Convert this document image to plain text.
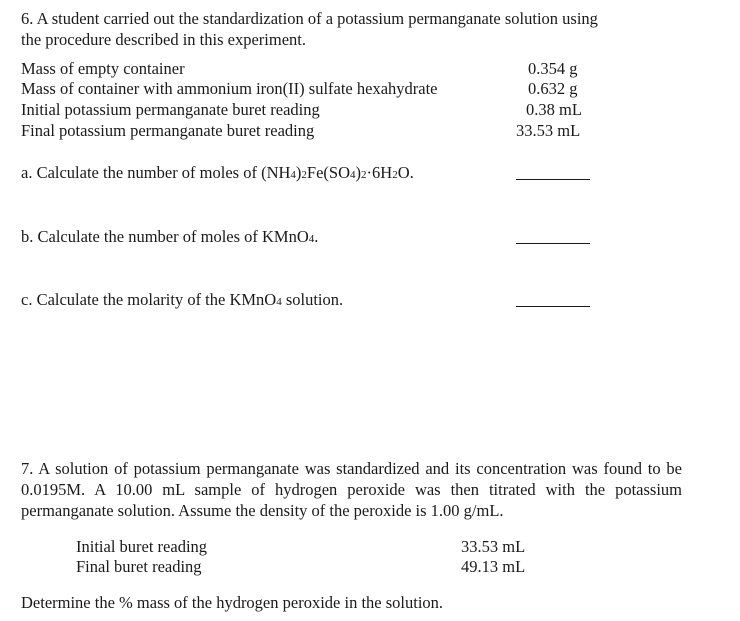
6. A student carried out the standardization of a potassium permanganate solution using
the procedure described in this experiment.
Mass of empty container	0.354 g
Mass of container with ammonium iron(II) sulfate hexahydrate	0.632 g
Initial potassium permanganate buret reading	0.38 mL
Final potassium permanganate buret reading	33.53 mL
a. Calculate the number of moles of (NH4)2Fe(SO4)2·6H2O.
b. Calculate the number of moles of KMnO4.
c. Calculate the molarity of the KMnO4 solution.
7. A solution of potassium permanganate was standardized and its concentration was found to be 0.0195M. A 10.00 mL sample of hydrogen peroxide was then titrated with the potassium permanganate solution. Assume the density of the peroxide is 1.00 g/mL.
Initial buret reading	33.53 mL
Final buret reading	49.13 mL
Determine the % mass of the hydrogen peroxide in the solution.
